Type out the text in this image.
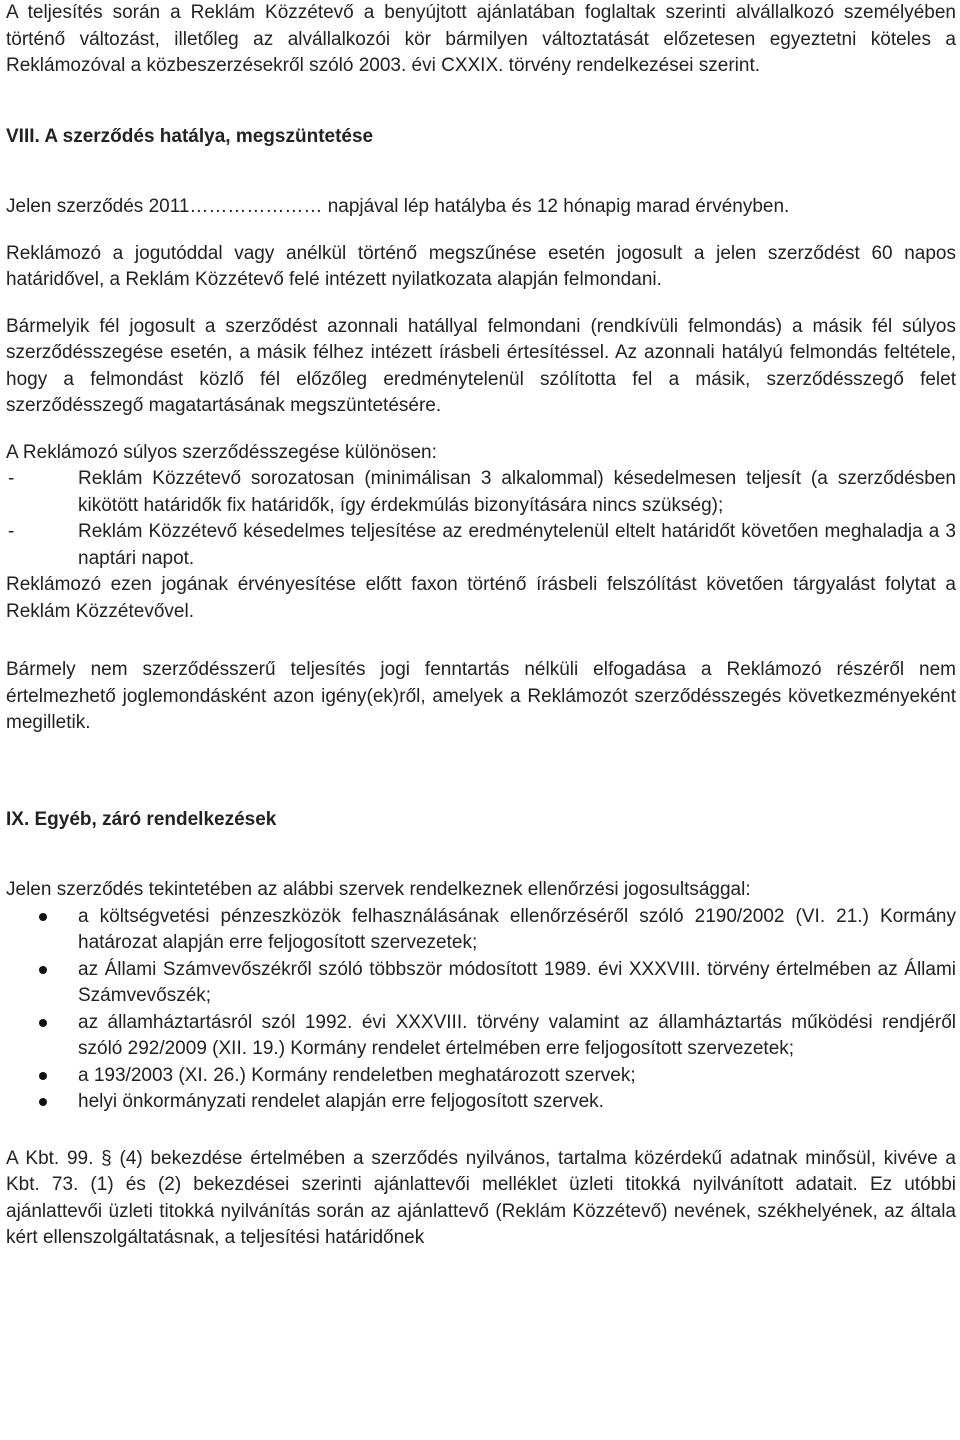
A teljesítés során a Reklám Közzétevő a benyújtott ajánlatában foglaltak szerinti alvállalkozó személyében történő változást, illetőleg az alvállalkozói kör bármilyen változtatását előzetesen egyeztetni köteles a Reklámozóval a közbeszerzésekről szóló 2003. évi CXXIX. törvény rendelkezései szerint.

VIII. A szerződés hatálya, megszüntetése

Jelen szerződés 2011………………… napjával lép hatályba és 12 hónapig marad érvényben.

Reklámozó a jogutóddal vagy anélkül történő megszűnése esetén jogosult a jelen szerződést 60 napos határidővel, a Reklám Közzétevő felé intézett nyilatkozata alapján felmondani.

Bármelyik fél jogosult a szerződést azonnali hatállyal felmondani (rendkívüli felmondás) a másik fél súlyos szerződésszegése esetén, a másik félhez intézett írásbeli értesítéssel. Az azonnali hatályú felmondás feltétele, hogy a felmondást közlő fél előzőleg eredménytelenül szólította fel a másik, szerződésszegő felet szerződésszegő magatartásának megszüntetésére.

A Reklámozó súlyos szerződésszegése különösen:

-	Reklám Közzétevő sorozatosan (minimálisan 3 alkalommal) késedelmesen teljesít (a szerződésben kikötött határidők fix határidők, így érdekmúlás bizonyítására nincs szükség);
-	Reklám Közzétevő késedelmes teljesítése az eredménytelenül eltelt határidőt követően meghaladja a 3 naptári napot.

Reklámozó ezen jogának érvényesítése előtt faxon történő írásbeli felszólítást követően tárgyalást folytat a Reklám Közzétevővel.

Bármely nem szerződésszerű teljesítés jogi fenntartás nélküli elfogadása a Reklámozó részéről nem értelmezhető joglemondásként azon igény(ek)ről, amelyek a Reklámozót szerződésszegés következményeként megilletik.

IX. Egyéb, záró rendelkezések

Jelen szerződés tekintetében az alábbi szervek rendelkeznek ellenőrzési jogosultsággal:

a költségvetési pénzeszközök felhasználásának ellenőrzéséről szóló 2190/2002 (VI. 21.) Kormány határozat alapján erre feljogosított szervezetek;
az Állami Számvevőszékről szóló többször módosított 1989. évi XXXVIII. törvény értelmében az Állami Számvevőszék;
az államháztartásról szól 1992. évi XXXVIII. törvény valamint az államháztartás működési rendjéről szóló 292/2009 (XII. 19.) Kormány rendelet értelmében erre feljogosított szervezetek;
a 193/2003 (XI. 26.) Kormány rendeletben meghatározott szervek;
helyi önkormányzati rendelet alapján erre feljogosított szervek.

A Kbt. 99. § (4) bekezdése értelmében a szerződés nyilvános, tartalma közérdekű adatnak minősül, kivéve a Kbt. 73. (1) és (2) bekezdései szerinti ajánlattevői melléklet üzleti titokká nyilvánított adatait. Ez utóbbi ajánlattevői üzleti titokká nyilvánítás során az ajánlattevő (Reklám Közzétevő) nevének, székhelyének, az általa kért ellenszolgáltatásnak, a teljesítési határidőnek
